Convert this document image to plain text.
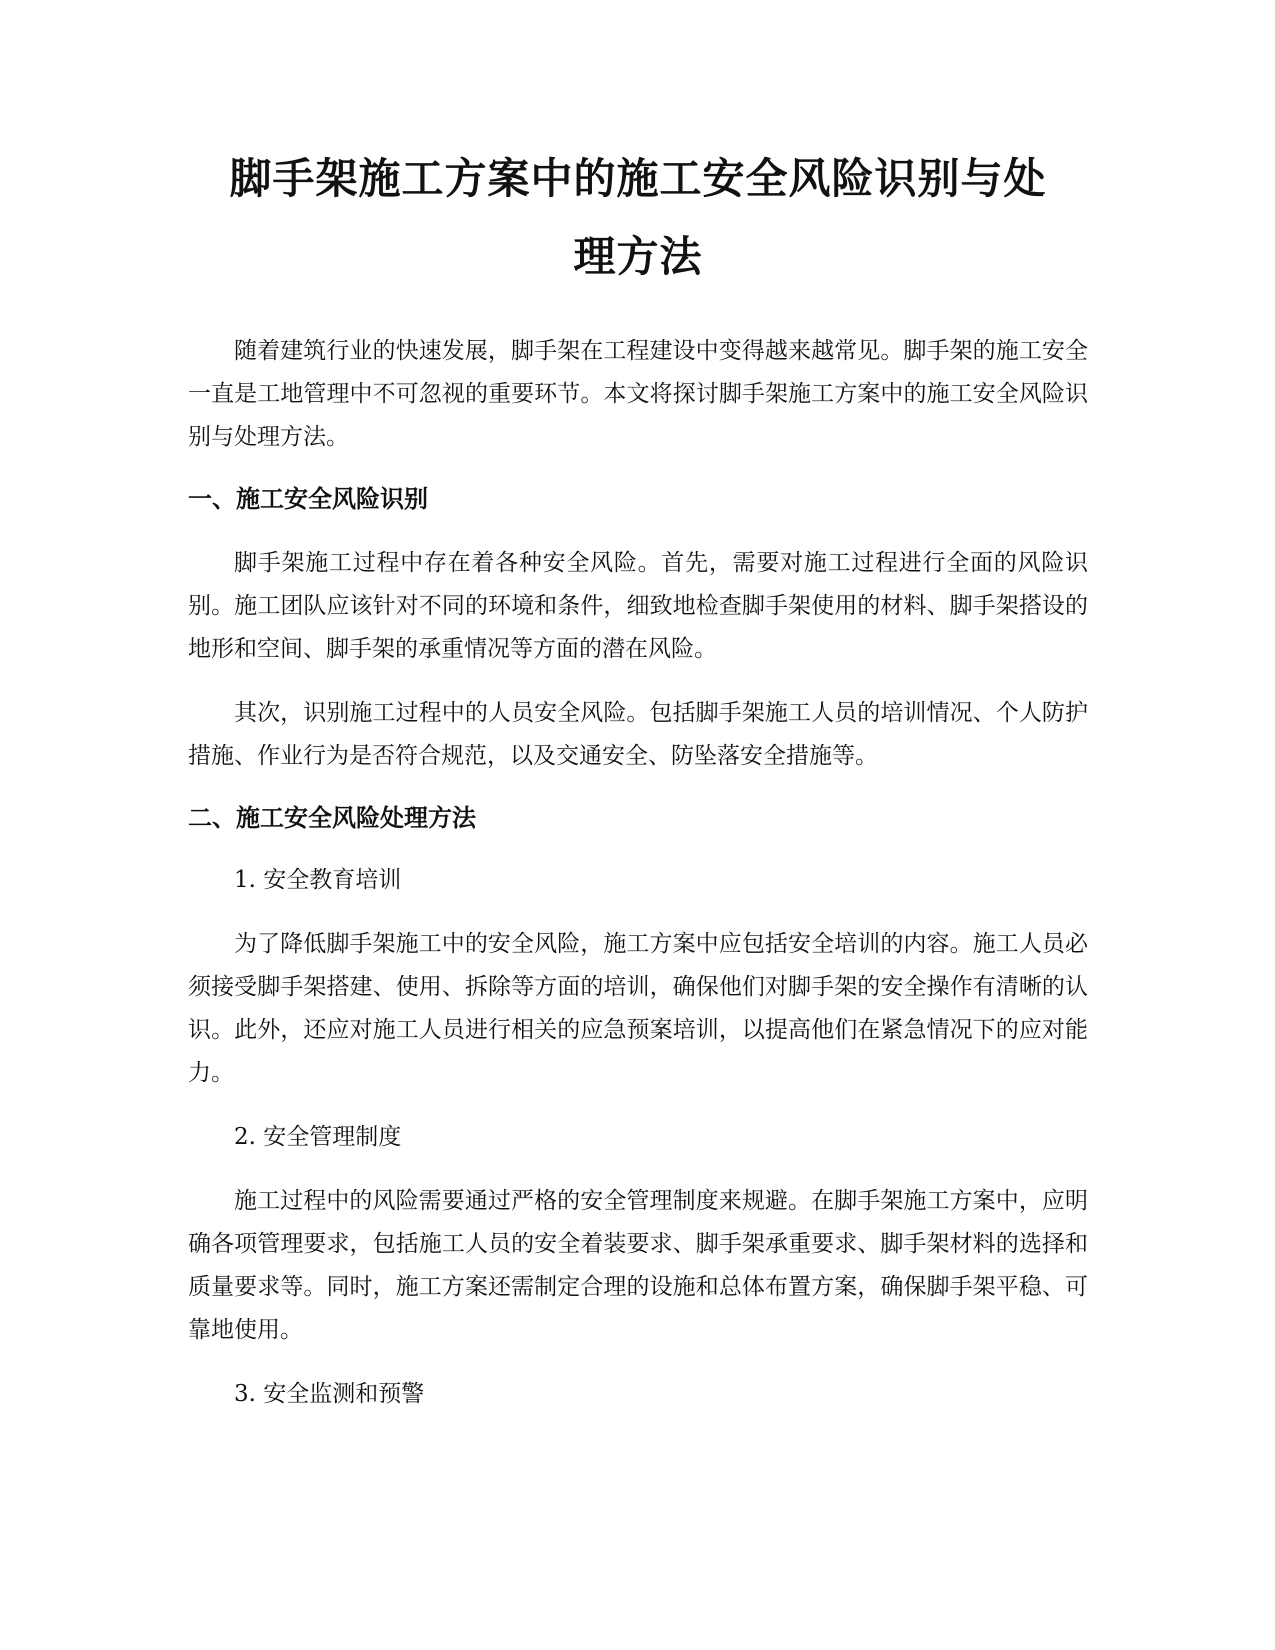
脚手架施工方案中的施工安全风险识别与处
理方法

随着建筑行业的快速发展，脚手架在工程建设中变得越来越常见。脚手架的施工安全一直是工地管理中不可忽视的重要环节。本文将探讨脚手架施工方案中的施工安全风险识别与处理方法。

一、施工安全风险识别

脚手架施工过程中存在着各种安全风险。首先，需要对施工过程进行全面的风险识别。施工团队应该针对不同的环境和条件，细致地检查脚手架使用的材料、脚手架搭设的地形和空间、脚手架的承重情况等方面的潜在风险。

其次，识别施工过程中的人员安全风险。包括脚手架施工人员的培训情况、个人防护措施、作业行为是否符合规范，以及交通安全、防坠落安全措施等。

二、施工安全风险处理方法

1. 安全教育培训

为了降低脚手架施工中的安全风险，施工方案中应包括安全培训的内容。施工人员必须接受脚手架搭建、使用、拆除等方面的培训，确保他们对脚手架的安全操作有清晰的认识。此外，还应对施工人员进行相关的应急预案培训，以提高他们在紧急情况下的应对能力。

2. 安全管理制度

施工过程中的风险需要通过严格的安全管理制度来规避。在脚手架施工方案中，应明确各项管理要求，包括施工人员的安全着装要求、脚手架承重要求、脚手架材料的选择和质量要求等。同时，施工方案还需制定合理的设施和总体布置方案，确保脚手架平稳、可靠地使用。

3. 安全监测和预警
